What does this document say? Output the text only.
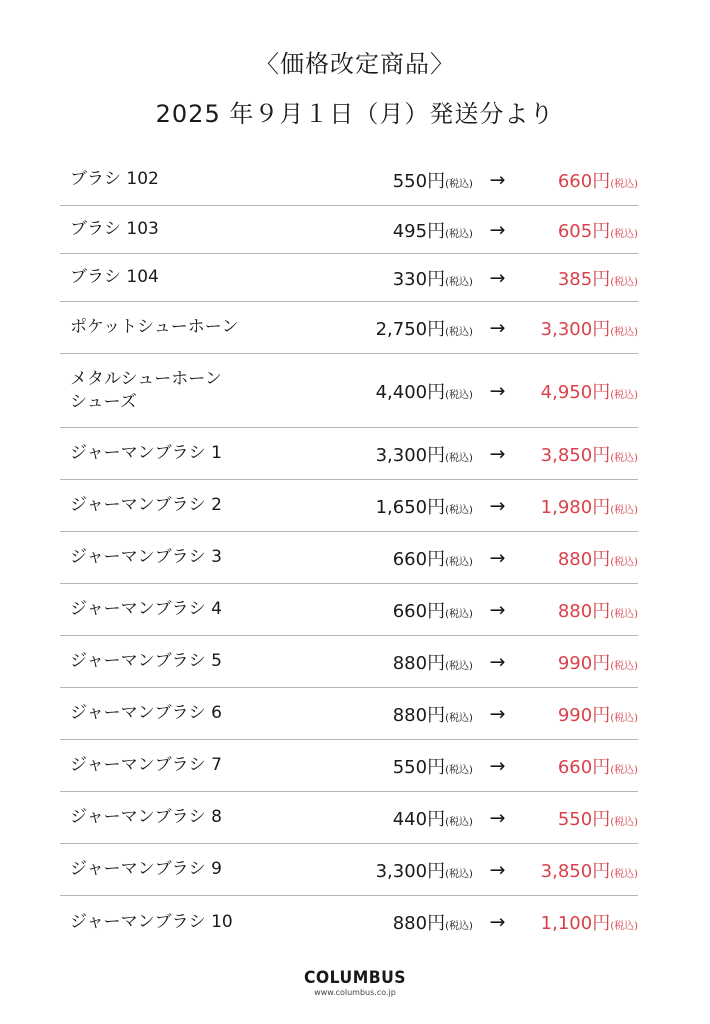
〈価格改定商品〉
2025 年９月１日（月）発送分より
ブラシ 102	550円(税込) →	660円(税込)
ブラシ 103	495円(税込) →	605円(税込)
ブラシ 104	330円(税込) →	385円(税込)
ポケットシューホーン	2,750円(税込) →	3,300円(税込)
メタルシューホーン
シューズ	4,400円(税込) →	4,950円(税込)
ジャーマンブラシ 1	3,300円(税込) →	3,850円(税込)
ジャーマンブラシ 2	1,650円(税込) →	1,980円(税込)
ジャーマンブラシ 3	660円(税込) →	880円(税込)
ジャーマンブラシ 4	660円(税込) →	880円(税込)
ジャーマンブラシ 5	880円(税込) →	990円(税込)
ジャーマンブラシ 6	880円(税込) →	990円(税込)
ジャーマンブラシ 7	550円(税込) →	660円(税込)
ジャーマンブラシ 8	440円(税込) →	550円(税込)
ジャーマンブラシ 9	3,300円(税込) →	3,850円(税込)
ジャーマンブラシ 10	880円(税込) →	1,100円(税込)
COLUMBUS
www.columbus.co.jp
